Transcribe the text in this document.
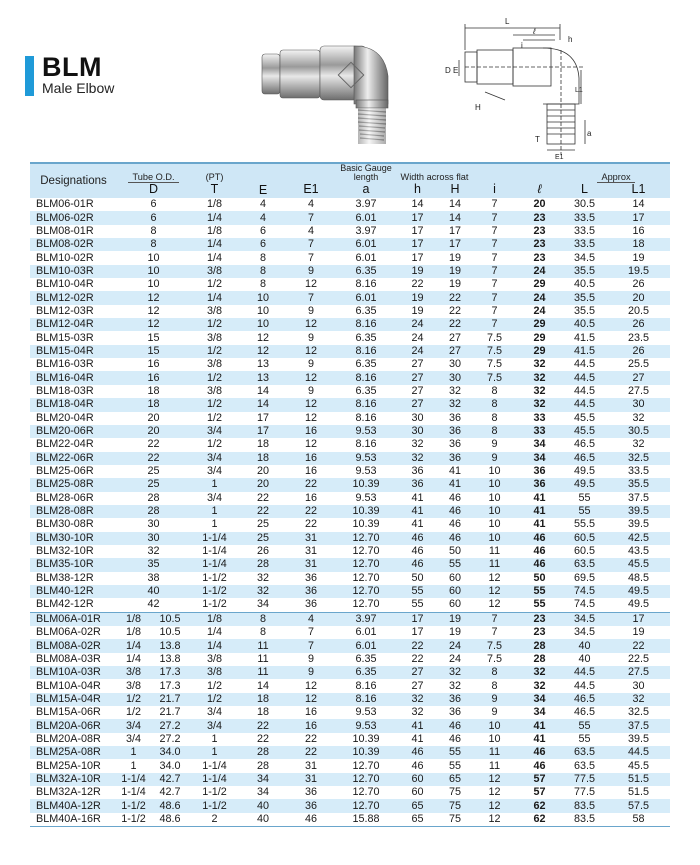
BLM
Male Elbow
L
ℓ
h
i
D E
H
L1
a
T
E1
Designations	Tube O.D.		(PT)			Basic Gauge length	Width across flat				Approx	
	D		T	E	E1	a	h	H	i	ℓ	L	L1
BLM06-01R	6		1/8	4	4	3.97	14	14	7	20	30.5	14
BLM06-02R	6		1/4	4	7	6.01	17	14	7	23	33.5	17
BLM08-01R	8		1/8	6	4	3.97	17	17	7	23	33.5	16
BLM08-02R	8		1/4	6	7	6.01	17	17	7	23	33.5	18
BLM10-02R	10		1/4	8	7	6.01	17	19	7	23	34.5	19
BLM10-03R	10		3/8	8	9	6.35	19	19	7	24	35.5	19.5
BLM10-04R	10		1/2	8	12	8.16	22	19	7	29	40.5	26
BLM12-02R	12		1/4	10	7	6.01	19	22	7	24	35.5	20
BLM12-03R	12		3/8	10	9	6.35	19	22	7	24	35.5	20.5
BLM12-04R	12		1/2	10	12	8.16	24	22	7	29	40.5	26
BLM15-03R	15		3/8	12	9	6.35	24	27	7.5	29	41.5	23.5
BLM15-04R	15		1/2	12	12	8.16	24	27	7.5	29	41.5	26
BLM16-03R	16		3/8	13	9	6.35	27	30	7.5	32	44.5	25.5
BLM16-04R	16		1/2	13	12	8.16	27	30	7.5	32	44.5	27
BLM18-03R	18		3/8	14	9	6.35	27	32	8	32	44.5	27.5
BLM18-04R	18		1/2	14	12	8.16	27	32	8	32	44.5	30
BLM20-04R	20		1/2	17	12	8.16	30	36	8	33	45.5	32
BLM20-06R	20		3/4	17	16	9.53	30	36	8	33	45.5	30.5
BLM22-04R	22		1/2	18	12	8.16	32	36	9	34	46.5	32
BLM22-06R	22		3/4	18	16	9.53	32	36	9	34	46.5	32.5
BLM25-06R	25		3/4	20	16	9.53	36	41	10	36	49.5	33.5
BLM25-08R	25		1	20	22	10.39	36	41	10	36	49.5	35.5
BLM28-06R	28		3/4	22	16	9.53	41	46	10	41	55	37.5
BLM28-08R	28		1	22	22	10.39	41	46	10	41	55	39.5
BLM30-08R	30		1	25	22	10.39	41	46	10	41	55.5	39.5
BLM30-10R	30		1-1/4	25	31	12.70	46	46	10	46	60.5	42.5
BLM32-10R	32		1-1/4	26	31	12.70	46	50	11	46	60.5	43.5
BLM35-10R	35		1-1/4	28	31	12.70	46	55	11	46	63.5	45.5
BLM38-12R	38		1-1/2	32	36	12.70	50	60	12	50	69.5	48.5
BLM40-12R	40		1-1/2	32	36	12.70	55	60	12	55	74.5	49.5
BLM42-12R	42		1-1/2	34	36	12.70	55	60	12	55	74.5	49.5
BLM06A-01R	1/8	10.5	1/8	8	4	3.97	17	19	7	23	34.5	17
BLM06A-02R	1/8	10.5	1/4	8	7	6.01	17	19	7	23	34.5	19
BLM08A-02R	1/4	13.8	1/4	11	7	6.01	22	24	7.5	28	40	22
BLM08A-03R	1/4	13.8	3/8	11	9	6.35	22	24	7.5	28	40	22.5
BLM10A-03R	3/8	17.3	3/8	11	9	6.35	27	32	8	32	44.5	27.5
BLM10A-04R	3/8	17.3	1/2	14	12	8.16	27	32	8	32	44.5	30
BLM15A-04R	1/2	21.7	1/2	18	12	8.16	32	36	9	34	46.5	32
BLM15A-06R	1/2	21.7	3/4	18	16	9.53	32	36	9	34	46.5	32.5
BLM20A-06R	3/4	27.2	3/4	22	16	9.53	41	46	10	41	55	37.5
BLM20A-08R	3/4	27.2	1	22	22	10.39	41	46	10	41	55	39.5
BLM25A-08R	1	34.0	1	28	22	10.39	46	55	11	46	63.5	44.5
BLM25A-10R	1	34.0	1-1/4	28	31	12.70	46	55	11	46	63.5	45.5
BLM32A-10R	1-1/4	42.7	1-1/4	34	31	12.70	60	65	12	57	77.5	51.5
BLM32A-12R	1-1/4	42.7	1-1/2	34	36	12.70	60	75	12	57	77.5	51.5
BLM40A-12R	1-1/2	48.6	1-1/2	40	36	12.70	65	75	12	62	83.5	57.5
BLM40A-16R	1-1/2	48.6	2	40	46	15.88	65	75	12	62	83.5	58
